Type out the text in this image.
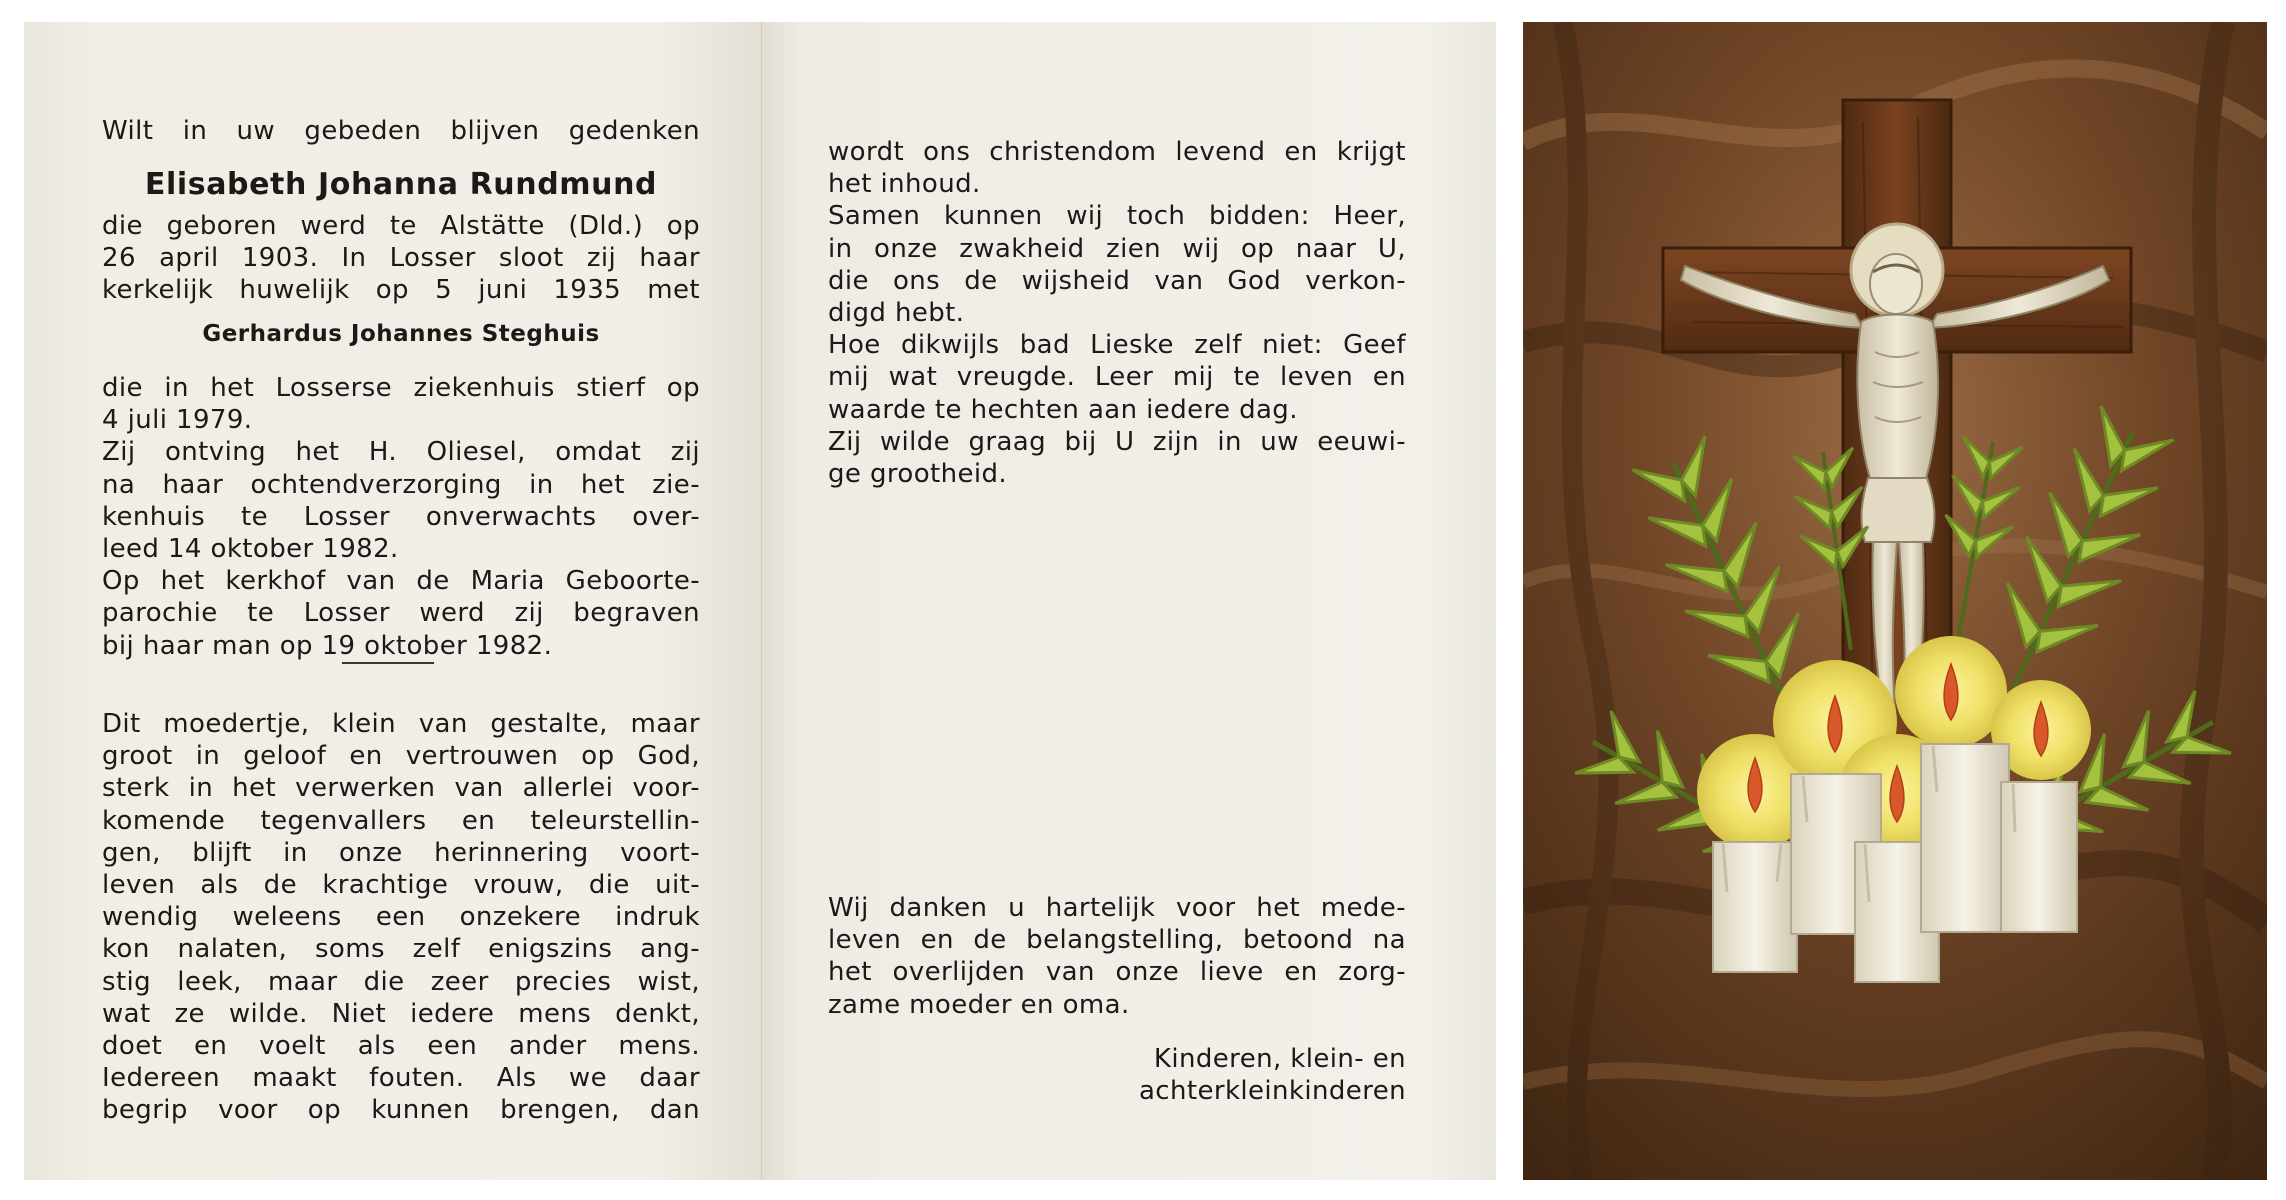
Wilt in uw gebeden blijven gedenken
Elisabeth Johanna Rundmund
die geboren werd te Alstätte (Dld.) op
26 april 1903. In Losser sloot zij haar
kerkelijk huwelijk op 5 juni 1935 met
Gerhardus Johannes Steghuis
die in het Losserse ziekenhuis stierf op
4 juli 1979.
Zij ontving het H. Oliesel, omdat zij
na haar ochtendverzorging in het zie-
kenhuis te Losser onverwachts over-
leed 14 oktober 1982.
Op het kerkhof van de Maria Geboorte-
parochie te Losser werd zij begraven
bij haar man op 19 oktober 1982.
Dit moedertje, klein van gestalte, maar
groot in geloof en vertrouwen op God,
sterk in het verwerken van allerlei voor-
komende tegenvallers en teleurstellin-
gen, blijft in onze herinnering voort-
leven als de krachtige vrouw, die uit-
wendig weleens een onzekere indruk
kon nalaten, soms zelf enigszins ang-
stig leek, maar die zeer precies wist,
wat ze wilde. Niet iedere mens denkt,
doet en voelt als een ander mens.
Iedereen maakt fouten. Als we daar
begrip voor op kunnen brengen, dan
wordt ons christendom levend en krijgt
het inhoud.
Samen kunnen wij toch bidden: Heer,
in onze zwakheid zien wij op naar U,
die ons de wijsheid van God verkon-
digd hebt.
Hoe dikwijls bad Lieske zelf niet: Geef
mij wat vreugde. Leer mij te leven en
waarde te hechten aan iedere dag.
Zij wilde graag bij U zijn in uw eeuwi-
ge grootheid.
Wij danken u hartelijk voor het mede-
leven en de belangstelling, betoond na
het overlijden van onze lieve en zorg-
zame moeder en oma.
Kinderen, klein- en
achterkleinkinderen
